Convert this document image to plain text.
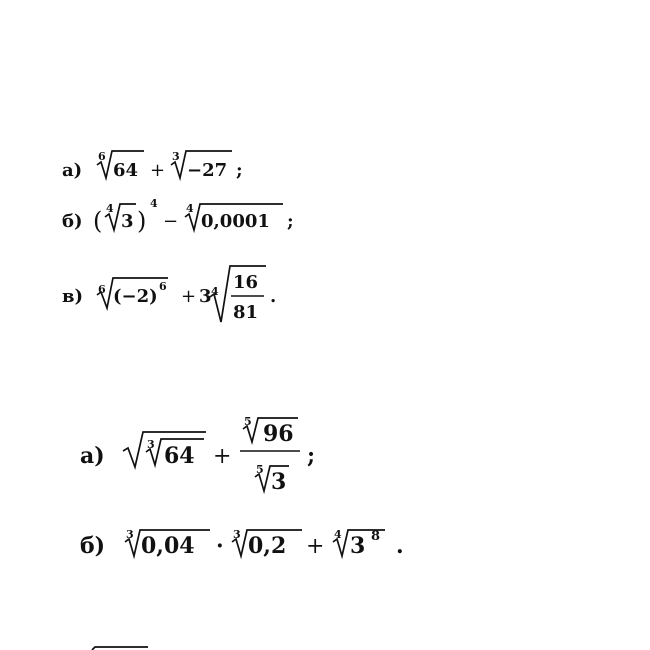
а)
6
64 +
3
−27 ;
б) ( 4
3 )
4
−
4
0,0001 ;
в) 6 (−2) 6 + 3 4 16
81
.
а)	3 64 +
5 96
5 3
;
б) 3 0,04 · 3 0,2 + 4 3 8 .
